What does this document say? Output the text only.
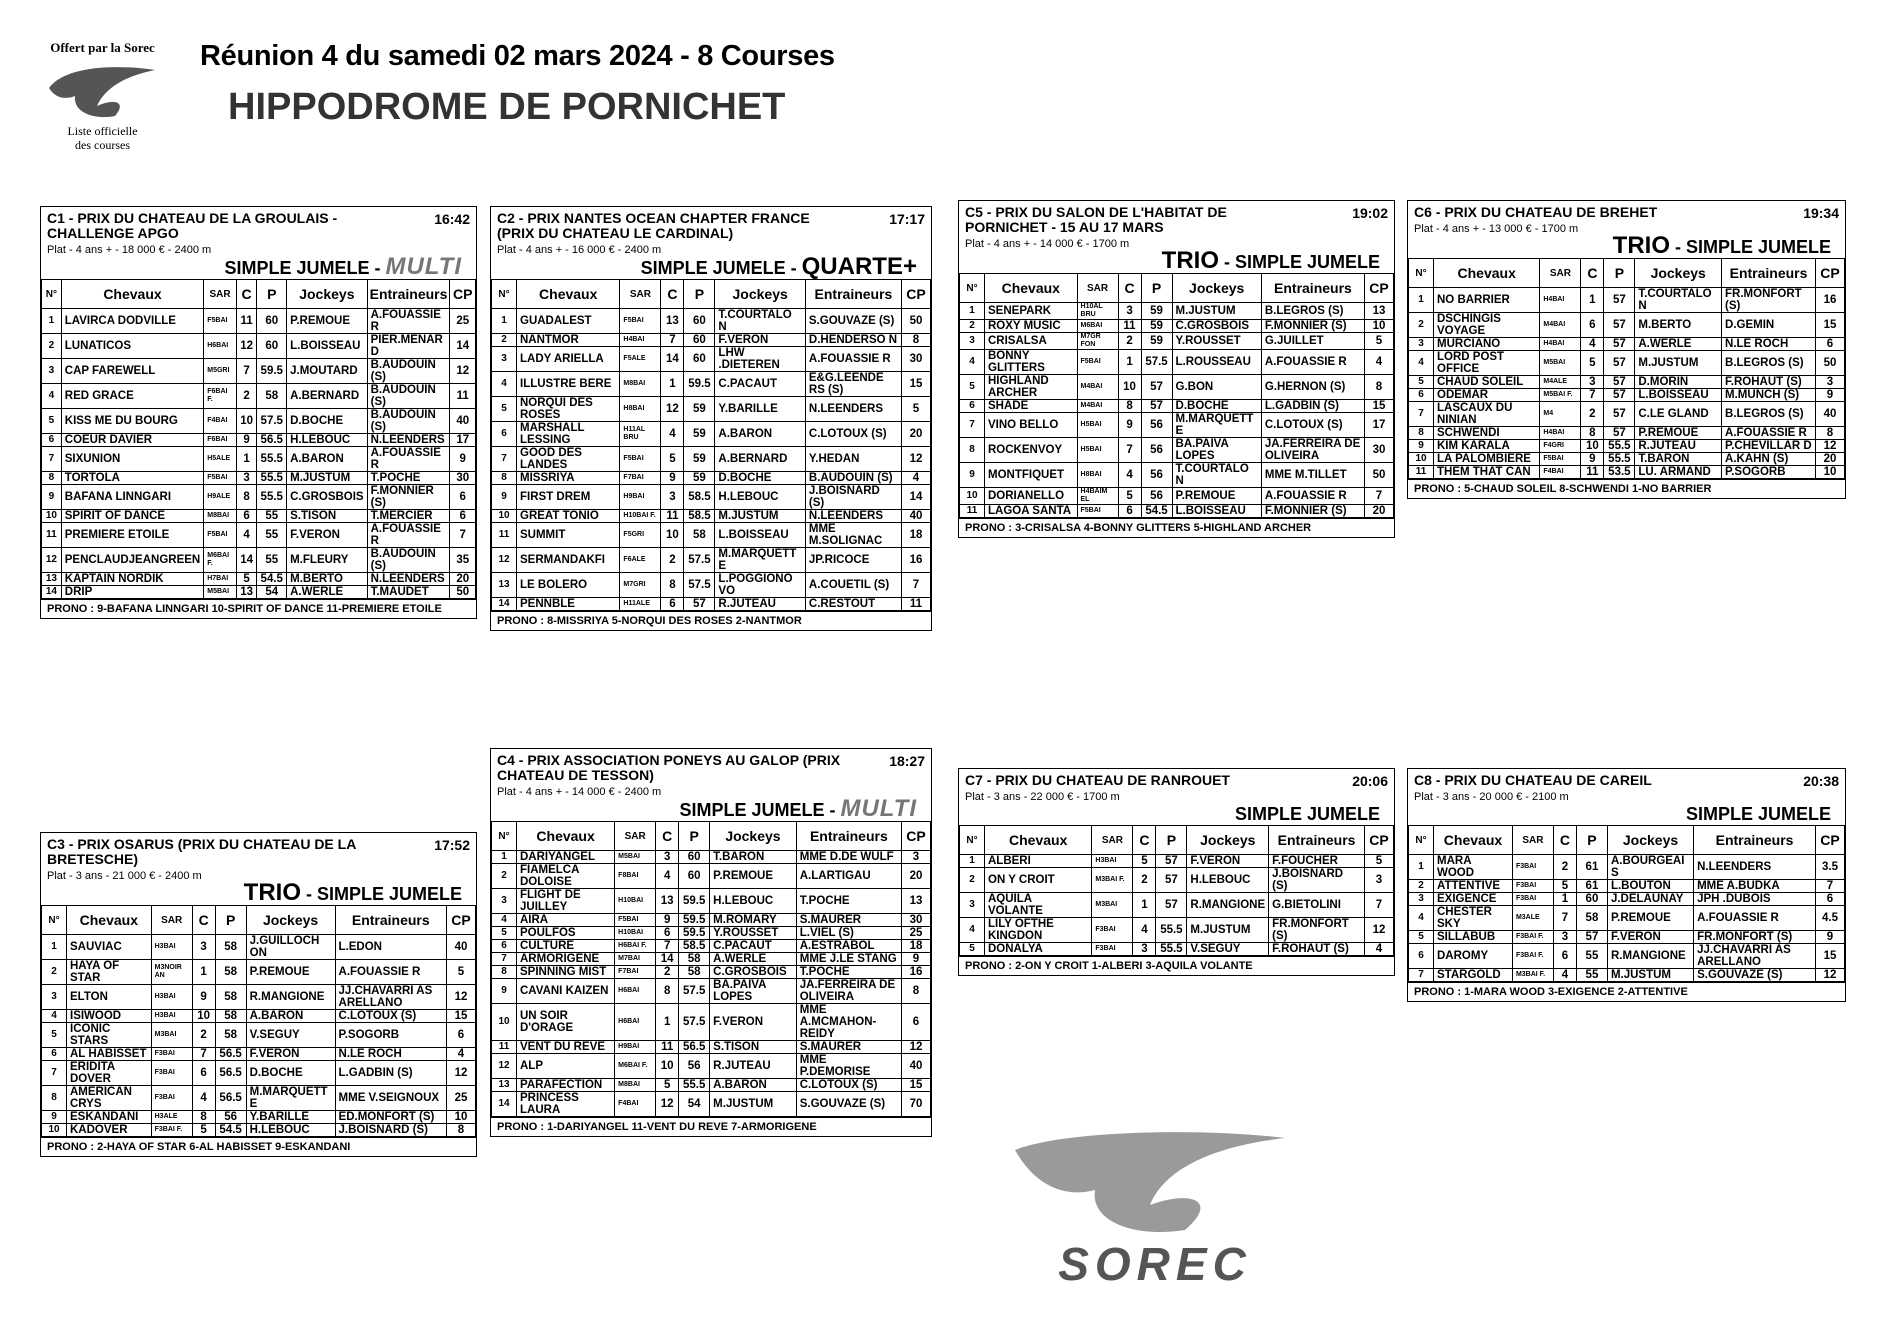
Offert par la Sorec
Liste officielle
des courses
Réunion 4 du samedi 02 mars 2024 - 8 Courses
HIPPODROME DE PORNICHET
C1 - PRIX DU CHATEAU DE LA GROULAIS - CHALLENGE APGO
16:42
Plat - 4 ans + - 18 000 € - 2400 m
SIMPLE JUMELE - MULTI
N°	Chevaux	SAR	C	P	Jockeys	Entraineurs	CP
1	LAVIRCA DODVILLE	F5BAI	11	60	P.REMOUE	A.FOUASSIE R	25
2	LUNATICOS	H6BAI	12	60	L.BOISSEAU	PIER.MENAR D	14
3	CAP FAREWELL	M5GRI	7	59.5	J.MOUTARD	B.AUDOUIN (S)	12
4	RED GRACE	F6BAI F.	2	58	A.BERNARD	B.AUDOUIN (S)	11
5	KISS ME DU BOURG	F4BAI	10	57.5	D.BOCHE	B.AUDOUIN (S)	40
6	COEUR DAVIER	F6BAI	9	56.5	H.LEBOUC	N.LEENDERS	17
7	SIXUNION	H5ALE	1	55.5	A.BARON	A.FOUASSIE R	9
8	TORTOLA	F5BAI	3	55.5	M.JUSTUM	T.POCHE	30
9	BAFANA LINNGARI	H9ALE	8	55.5	C.GROSBOIS	F.MONNIER (S)	6
10	SPIRIT OF DANCE	M8BAI	6	55	S.TISON	T.MERCIER	6
11	PREMIERE ETOILE	F5BAI	4	55	F.VERON	A.FOUASSIE R	7
12	PENCLAUDJEANGREEN	M6BAI F.	14	55	M.FLEURY	B.AUDOUIN (S)	35
13	KAPTAIN NORDIK	H7BAI	5	54.5	M.BERTO	N.LEENDERS	20
14	DRIP	M5BAI	13	54	A.WERLE	T.MAUDET	50
PRONO : 9-BAFANA LINNGARI 10-SPIRIT OF DANCE 11-PREMIERE ETOILE
C2 - PRIX NANTES OCEAN CHAPTER FRANCE (PRIX DU CHATEAU LE CARDINAL)
17:17
Plat - 4 ans + - 16 000 € - 2400 m
SIMPLE JUMELE - QUARTE+
N°	Chevaux	SAR	C	P	Jockeys	Entraineurs	CP
1	GUADALEST	F5BAI	13	60	T.COURTALO N	S.GOUVAZE (S)	50
2	NANTMOR	H4BAI	7	60	F.VERON	D.HENDERSO N	8
3	LADY ARIELLA	F5ALE	14	60	LHW .DIETEREN	A.FOUASSIE R	30
4	ILLUSTRE BERE	M8BAI	1	59.5	C.PACAUT	E&G.LEENDE RS (S)	15
5	NORQUI DES ROSES	H8BAI	12	59	Y.BARILLE	N.LEENDERS	5
6	MARSHALL LESSING	H11AL BRU	4	59	A.BARON	C.LOTOUX (S)	20
7	GOOD DES LANDES	F5BAI	5	59	A.BERNARD	Y.HEDAN	12
8	MISSRIYA	F7BAI	9	59	D.BOCHE	B.AUDOUIN (S)	4
9	FIRST DREM	H9BAI	3	58.5	H.LEBOUC	J.BOISNARD (S)	14
10	GREAT TONIO	H10BAI F.	11	58.5	M.JUSTUM	N.LEENDERS	40
11	SUMMIT	F5GRI	10	58	L.BOISSEAU	MME M.SOLIGNAC	18
12	SERMANDAKFI	F6ALE	2	57.5	M.MARQUETT E	JP.RICOCE	16
13	LE BOLERO	M7GRI	8	57.5	L.POGGIONO VO	A.COUETIL (S)	7
14	PENNBLE	H11ALE	6	57	R.JUTEAU	C.RESTOUT	11
PRONO : 8-MISSRIYA 5-NORQUI DES ROSES 2-NANTMOR
C3 - PRIX OSARUS (PRIX DU CHATEAU DE LA BRETESCHE)
17:52
Plat - 3 ans - 21 000 € - 2400 m
TRIO - SIMPLE JUMELE
N°	Chevaux	SAR	C	P	Jockeys	Entraineurs	CP
1	SAUVIAC	H3BAI	3	58	J.GUILLOCH ON	L.EDON	40
2	HAYA OF STAR	M3NOIR AN	1	58	P.REMOUE	A.FOUASSIE R	5
3	ELTON	H3BAI	9	58	R.MANGIONE	JJ.CHAVARRI AS ARELLANO	12
4	ISIWOOD	H3BAI	10	58	A.BARON	C.LOTOUX (S)	15
5	ICONIC STARS	M3BAI	2	58	V.SEGUY	P.SOGORB	6
6	AL HABISSET	F3BAI	7	56.5	F.VERON	N.LE ROCH	4
7	ERIDITA DOVER	F3BAI	6	56.5	D.BOCHE	L.GADBIN (S)	12
8	AMERICAN CRYS	F3BAI	4	56.5	M.MARQUETT E	MME V.SEIGNOUX	25
9	ESKANDANI	H3ALE	8	56	Y.BARILLE	ED.MONFORT (S)	10
10	KADOVER	F3BAI F.	5	54.5	H.LEBOUC	J.BOISNARD (S)	8
PRONO : 2-HAYA OF STAR 6-AL HABISSET 9-ESKANDANI
C4 - PRIX ASSOCIATION PONEYS AU GALOP (PRIX CHATEAU DE TESSON)
18:27
Plat - 4 ans + - 14 000 € - 2400 m
SIMPLE JUMELE - MULTI
N°	Chevaux	SAR	C	P	Jockeys	Entraineurs	CP
1	DARIYANGEL	M5BAI	3	60	T.BARON	MME D.DE WULF	3
2	FIAMELCA DOLOISE	F8BAI	4	60	P.REMOUE	A.LARTIGAU	20
3	FLIGHT DE JUILLEY	H10BAI	13	59.5	H.LEBOUC	T.POCHE	13
4	AIRA	F5BAI	9	59.5	M.ROMARY	S.MAURER	30
5	POULFOS	H10BAI	6	59.5	Y.ROUSSET	L.VIEL (S)	25
6	CULTURE	H6BAI F.	7	58.5	C.PACAUT	A.ESTRABOL	18
7	ARMORIGENE	M7BAI	14	58	A.WERLE	MME J.LE STANG	9
8	SPINNING MIST	F7BAI	2	58	C.GROSBOIS	T.POCHE	16
9	CAVANI KAIZEN	H6BAI	8	57.5	BA.PAIVA LOPES	JA.FERREIRA DE OLIVEIRA	8
10	UN SOIR D'ORAGE	H6BAI	1	57.5	F.VERON	MME A.MCMAHON-REIDY	6
11	VENT DU REVE	H9BAI	11	56.5	S.TISON	S.MAURER	12
12	ALP	M6BAI F.	10	56	R.JUTEAU	MME P.DEMORISE	40
13	PARAFECTION	M8BAI	5	55.5	A.BARON	C.LOTOUX (S)	15
14	PRINCESS LAURA	F4BAI	12	54	M.JUSTUM	S.GOUVAZE (S)	70
PRONO : 1-DARIYANGEL 11-VENT DU REVE 7-ARMORIGENE
C5 - PRIX DU SALON DE L'HABITAT DE PORNICHET - 15 AU 17 MARS
19:02
Plat - 4 ans + - 14 000 € - 1700 m
TRIO - SIMPLE JUMELE
N°	Chevaux	SAR	C	P	Jockeys	Entraineurs	CP
1	SENEPARK	H10AL BRU	3	59	M.JUSTUM	B.LEGROS (S)	13
2	ROXY MUSIC	M6BAI	11	59	C.GROSBOIS	F.MONNIER (S)	10
3	CRISALSA	M7GR FON	2	59	Y.ROUSSET	G.JUILLET	5
4	BONNY GLITTERS	F5BAI	1	57.5	L.ROUSSEAU	A.FOUASSIE R	4
5	HIGHLAND ARCHER	M4BAI	10	57	G.BON	G.HERNON (S)	8
6	SHADE	M4BAI	8	57	D.BOCHE	L.GADBIN (S)	15
7	VINO BELLO	H5BAI	9	56	M.MARQUETT E	C.LOTOUX (S)	17
8	ROCKENVOY	H5BAI	7	56	BA.PAIVA LOPES	JA.FERREIRA DE OLIVEIRA	30
9	MONTFIQUET	H8BAI	4	56	T.COURTALO N	MME M.TILLET	50
10	DORIANELLO	H4BAIM EL	5	56	P.REMOUE	A.FOUASSIE R	7
11	LAGOA SANTA	F5BAI	6	54.5	L.BOISSEAU	F.MONNIER (S)	20
PRONO : 3-CRISALSA 4-BONNY GLITTERS 5-HIGHLAND ARCHER
C6 - PRIX DU CHATEAU DE BREHET	19:34
Plat - 4 ans + - 13 000 € - 1700 m
TRIO - SIMPLE JUMELE
N°	Chevaux	SAR	C	P	Jockeys	Entraineurs	CP
1	NO BARRIER	H4BAI	1	57	T.COURTALO N	FR.MONFORT (S)	16
2	DSCHINGIS VOYAGE	M4BAI	6	57	M.BERTO	D.GEMIN	15
3	MURCIANO	H4BAI	4	57	A.WERLE	N.LE ROCH	6
4	LORD POST OFFICE	M5BAI	5	57	M.JUSTUM	B.LEGROS (S)	50
5	CHAUD SOLEIL	M4ALE	3	57	D.MORIN	F.ROHAUT (S)	3
6	ODEMAR	M5BAI F.	7	57	L.BOISSEAU	M.MUNCH (S)	9
7	LASCAUX DU NINIAN	M4	2	57	C.LE GLAND	B.LEGROS (S)	40
8	SCHWENDI	H4BAI	8	57	P.REMOUE	A.FOUASSIE R	8
9	KIM KARALA	F4GRI	10	55.5	R.JUTEAU	P.CHEVILLAR D	12
10	LA PALOMBIERE	F5BAI	9	55.5	T.BARON	A.KAHN (S)	20
11	THEM THAT CAN	F4BAI	11	53.5	LU. ARMAND	P.SOGORB	10
PRONO : 5-CHAUD SOLEIL 8-SCHWENDI 1-NO BARRIER
C7 - PRIX DU CHATEAU DE RANROUET	20:06
Plat - 3 ans - 22 000 € - 1700 m
SIMPLE JUMELE
N°	Chevaux	SAR	C	P	Jockeys	Entraineurs	CP
1	ALBERI	H3BAI	5	57	F.VERON	F.FOUCHER	5
2	ON Y CROIT	M3BAI F.	2	57	H.LEBOUC	J.BOISNARD (S)	3
3	AQUILA VOLANTE	M3BAI	1	57	R.MANGIONE	G.BIETOLINI	7
4	LILY OFTHE KINGDON	F3BAI	4	55.5	M.JUSTUM	FR.MONFORT (S)	12
5	DONALYA	F3BAI	3	55.5	V.SEGUY	F.ROHAUT (S)	4
PRONO : 2-ON Y CROIT 1-ALBERI 3-AQUILA VOLANTE
C8 - PRIX DU CHATEAU DE CAREIL	20:38
Plat - 3 ans - 20 000 € - 2100 m
SIMPLE JUMELE
N°	Chevaux	SAR	C	P	Jockeys	Entraineurs	CP
1	MARA WOOD	F3BAI	2	61	A.BOURGEAI S	N.LEENDERS	3.5
2	ATTENTIVE	F3BAI	5	61	L.BOUTON	MME A.BUDKA	7
3	EXIGENCE	F3BAI	1	60	J.DELAUNAY	JPH .DUBOIS	6
4	CHESTER SKY	M3ALE	7	58	P.REMOUE	A.FOUASSIE R	4.5
5	SILLABUB	F3BAI F.	3	57	F.VERON	FR.MONFORT (S)	9
6	DAROMY	F3BAI F.	6	55	R.MANGIONE	JJ.CHAVARRI AS ARELLANO	15
7	STARGOLD	M3BAI F.	4	55	M.JUSTUM	S.GOUVAZE (S)	12
PRONO : 1-MARA WOOD 3-EXIGENCE 2-ATTENTIVE
SOREC
